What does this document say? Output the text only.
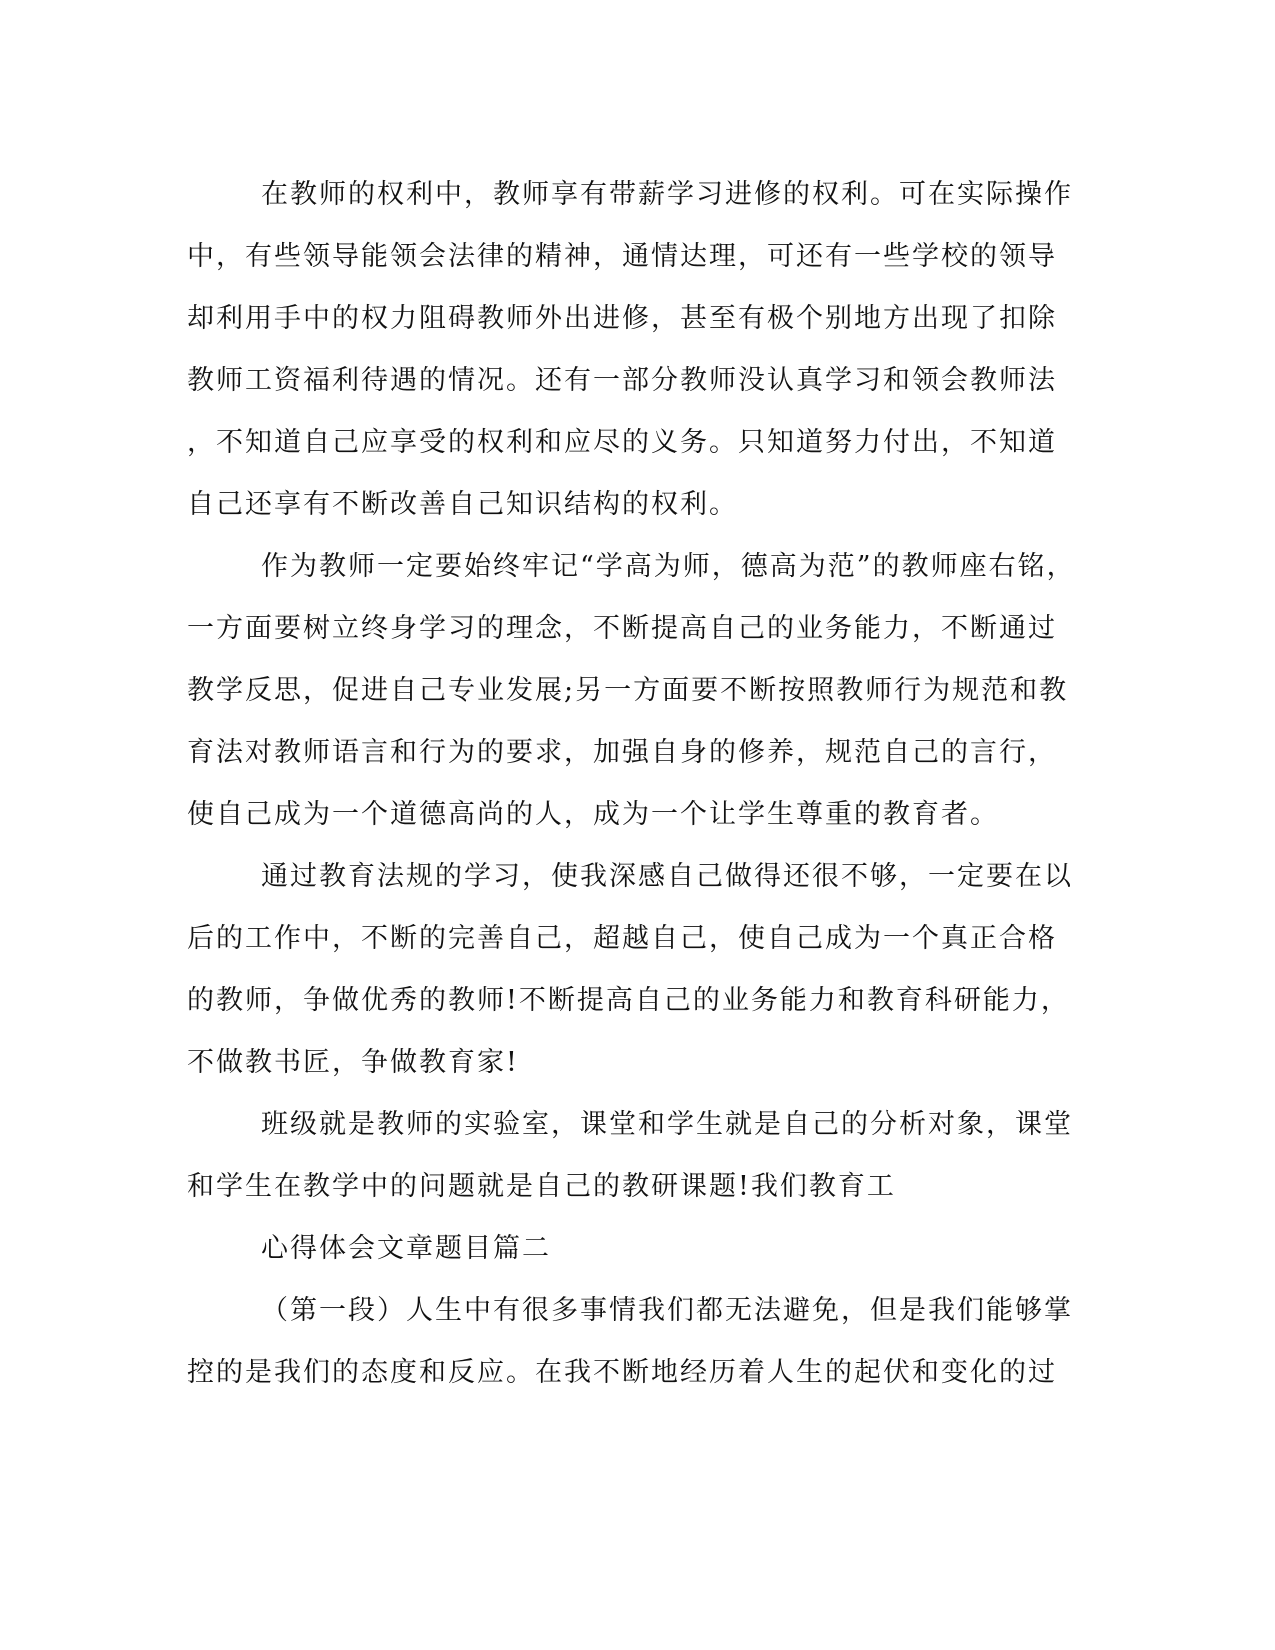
在教师的权利中，教师享有带薪学习进修的权利。可在实际操作
中，有些领导能领会法律的精神，通情达理，可还有一些学校的领导
却利用手中的权力阻碍教师外出进修，甚至有极个别地方出现了扣除
教师工资福利待遇的情况。还有一部分教师没认真学习和领会教师法
，不知道自己应享受的权利和应尽的义务。只知道努力付出，不知道
自己还享有不断改善自己知识结构的权利。
作为教师一定要始终牢记“学高为师，德高为范”的教师座右铭，
一方面要树立终身学习的理念，不断提高自己的业务能力，不断通过
教学反思，促进自己专业发展;另一方面要不断按照教师行为规范和教
育法对教师语言和行为的要求，加强自身的修养，规范自己的言行，
使自己成为一个道德高尚的人，成为一个让学生尊重的教育者。
通过教育法规的学习，使我深感自己做得还很不够，一定要在以
后的工作中，不断的完善自己，超越自己，使自己成为一个真正合格
的教师，争做优秀的教师!不断提高自己的业务能力和教育科研能力，
不做教书匠，争做教育家!
班级就是教师的实验室，课堂和学生就是自己的分析对象，课堂
和学生在教学中的问题就是自己的教研课题!我们教育工
心得体会文章题目篇二
（第一段）人生中有很多事情我们都无法避免，但是我们能够掌
控的是我们的态度和反应。在我不断地经历着人生的起伏和变化的过
